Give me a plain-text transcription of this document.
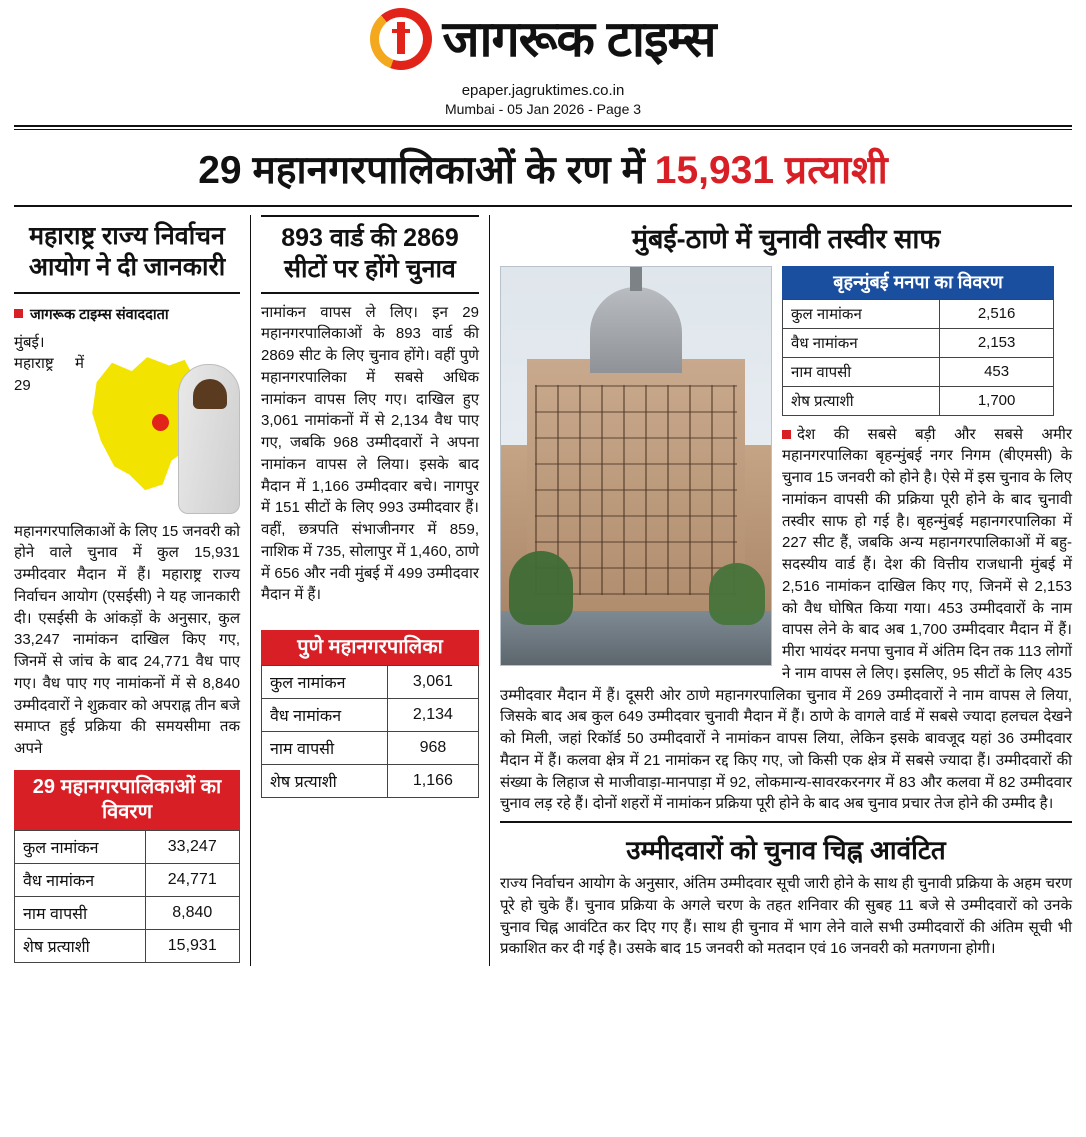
जागरूक टाइम्स
epaper.jagruktimes.co.in
Mumbai - 05 Jan 2026 - Page 3
29 महानगरपालिकाओं के रण में 15,931 प्रत्याशी
महाराष्ट्र राज्य निर्वाचन आयोग ने दी जानकारी
जागरूक टाइम्स संवाददाता

मुंबई। महाराष्ट्र में 29 महानगरपालिकाओं के लिए 15 जनवरी को होने वाले चुनाव में कुल 15,931 उम्मीदवार मैदान में हैं। महाराष्ट्र राज्य निर्वाचन आयोग (एसईसी) ने यह जानकारी दी। एसईसी के आंकड़ों के अनुसार, कुल 33,247 नामांकन दाखिल किए गए, जिनमें से जांच के बाद 24,771 वैध पाए गए। वैध पाए गए नामांकनों में से 8,840 उम्मीदवारों ने शुक्रवार को अपराह्न तीन बजे समाप्त हुई प्रक्रिया की समयसीमा तक अपने

29 महानगरपालिकाओं का विवरण
कुल नामांकन	33,247
वैध नामांकन	24,771
नाम वापसी	8,840
शेष प्रत्याशी	15,931
893 वार्ड की 2869 सीटों पर होंगे चुनाव

नामांकन वापस ले लिए। इन 29 महानगरपालिकाओं के 893 वार्ड की 2869 सीट के लिए चुनाव होंगे। वहीं पुणे महानगरपालिका में सबसे अधिक नामांकन वापस लिए गए। दाखिल हुए 3,061 नामांकनों में से 2,134 वैध पाए गए, जबकि 968 उम्मीदवारों ने अपना नामांकन वापस ले लिया। इसके बाद मैदान में 1,166 उम्मीदवार बचे। नागपुर में 151 सीटों के लिए 993 उम्मीदवार हैं। वहीं, छत्रपति संभाजीनगर में 859, नाशिक में 735, सोलापुर में 1,460, ठाणे में 656 और नवी मुंबई में 499 उम्मीदवार मैदान में हैं।

पुणे महानगरपालिका
कुल नामांकन	3,061
वैध नामांकन	2,134
नाम वापसी	968
शेष प्रत्याशी	1,166
मुंबई-ठाणे में चुनावी तस्वीर साफ
बृहन्मुंबई मनपा का विवरण
कुल नामांकन	2,516
वैध नामांकन	2,153
नाम वापसी	453
शेष प्रत्याशी	1,700

देश की सबसे बड़ी और सबसे अमीर महानगरपालिका बृहन्मुंबई नगर निगम (बीएमसी) के चुनाव 15 जनवरी को होने है। ऐसे में इस चुनाव के लिए नामांकन वापसी की प्रक्रिया पूरी होने के बाद चुनावी तस्वीर साफ हो गई है। बृहन्मुंबई महानगरपालिका में 227 सीट हैं, जबकि अन्य महानगरपालिकाओं में बहु-सदस्यीय वार्ड हैं। देश की वित्तीय राजधानी मुंबई में 2,516 नामांकन दाखिल किए गए, जिनमें से 2,153 को वैध घोषित किया गया। 453 उम्मीदवारों के नाम वापस लेने के बाद अब 1,700 उम्मीदवार मैदान में हैं। मीरा भायंदर मनपा चुनाव में अंतिम दिन तक 113 लोगों ने नाम वापस ले लिए। इसलिए, 95 सीटों के लिए 435 उम्मीदवार मैदान में हैं। दूसरी ओर ठाणे महानगरपालिका चुनाव में 269 उम्मीदवारों ने नाम वापस ले लिया, जिसके बाद अब कुल 649 उम्मीदवार चुनावी मैदान में हैं। ठाणे के वागले वार्ड में सबसे ज्यादा हलचल देखने को मिली, जहां रिकॉर्ड 50 उम्मीदवारों ने नामांकन वापस लिया, लेकिन इसके बावजूद यहां 36 उम्मीदवार मैदान में हैं। कलवा क्षेत्र में 21 नामांकन रद्द किए गए, जो किसी एक क्षेत्र में सबसे ज्यादा हैं। उम्मीदवारों की संख्या के लिहाज से माजीवाड़ा-मानपाड़ा में 92, लोकमान्य-सावरकरनगर में 83 और कलवा में 82 उम्मीदवार चुनाव लड़ रहे हैं। दोनों शहरों में नामांकन प्रक्रिया पूरी होने के बाद अब चुनाव प्रचार तेज होने की उम्मीद है।

उम्मीदवारों को चुनाव चिह्न आवंटित

राज्य निर्वाचन आयोग के अनुसार, अंतिम उम्मीदवार सूची जारी होने के साथ ही चुनावी प्रक्रिया के अहम चरण पूरे हो चुके हैं। चुनाव प्रक्रिया के अगले चरण के तहत शनिवार की सुबह 11 बजे से उम्मीदवारों को उनके चुनाव चिह्न आवंटित कर दिए गए हैं। साथ ही चुनाव में भाग लेने वाले सभी उम्मीदवारों की अंतिम सूची भी प्रकाशित कर दी गई है। उसके बाद 15 जनवरी को मतदान एवं 16 जनवरी को मतगणना होगी।
